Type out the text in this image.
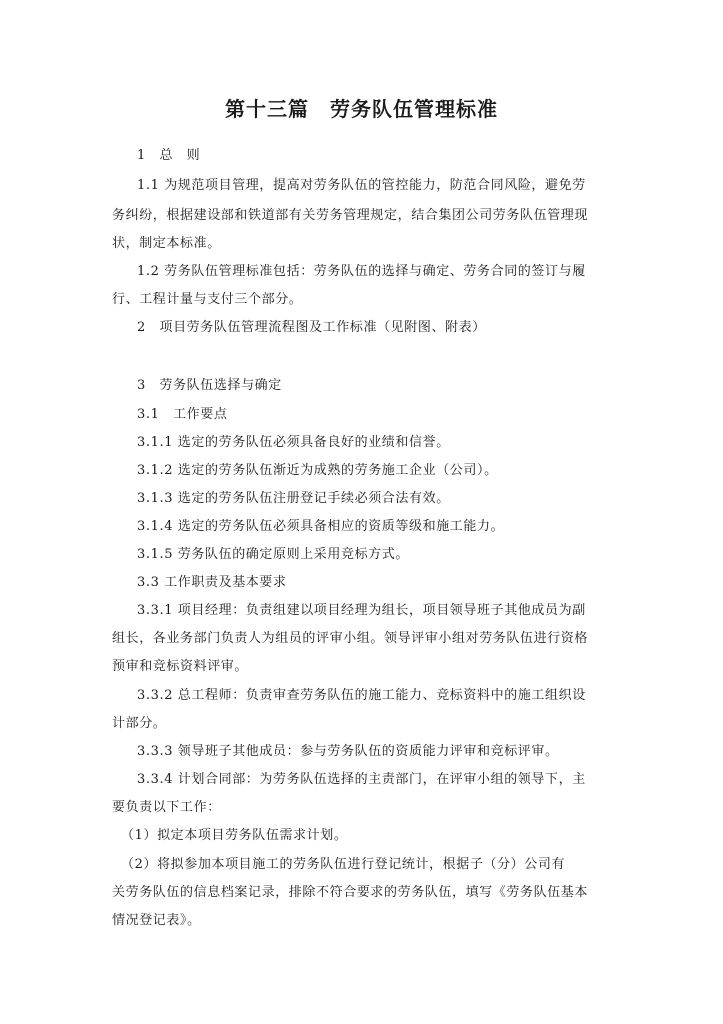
第十三篇　劳务队伍管理标准
1　总　则
1.1 为规范项目管理，提高对劳务队伍的管控能力，防范合同风险，避免劳
务纠纷，根据建设部和铁道部有关劳务管理规定，结合集团公司劳务队伍管理现
状，制定本标准。
1.2 劳务队伍管理标准包括：劳务队伍的选择与确定、劳务合同的签订与履
行、工程计量与支付三个部分。
2　项目劳务队伍管理流程图及工作标准（见附图、附表）
3　劳务队伍选择与确定
3.1　工作要点
3.1.1 选定的劳务队伍必须具备良好的业绩和信誉。
3.1.2 选定的劳务队伍渐近为成熟的劳务施工企业（公司）。
3.1.3 选定的劳务队伍注册登记手续必须合法有效。
3.1.4 选定的劳务队伍必须具备相应的资质等级和施工能力。
3.1.5 劳务队伍的确定原则上采用竞标方式。
3.3 工作职责及基本要求
3.3.1 项目经理：负责组建以项目经理为组长，项目领导班子其他成员为副
组长，各业务部门负责人为组员的评审小组。领导评审小组对劳务队伍进行资格
预审和竞标资料评审。
3.3.2 总工程师：负责审查劳务队伍的施工能力、竞标资料中的施工组织设
计部分。
3.3.3 领导班子其他成员：参与劳务队伍的资质能力评审和竞标评审。
3.3.4 计划合同部：为劳务队伍选择的主责部门，在评审小组的领导下，主
要负责以下工作：
（1）拟定本项目劳务队伍需求计划。
（2）将拟参加本项目施工的劳务队伍进行登记统计，根据子（分）公司有
关劳务队伍的信息档案记录，排除不符合要求的劳务队伍，填写《劳务队伍基本
情况登记表》。
